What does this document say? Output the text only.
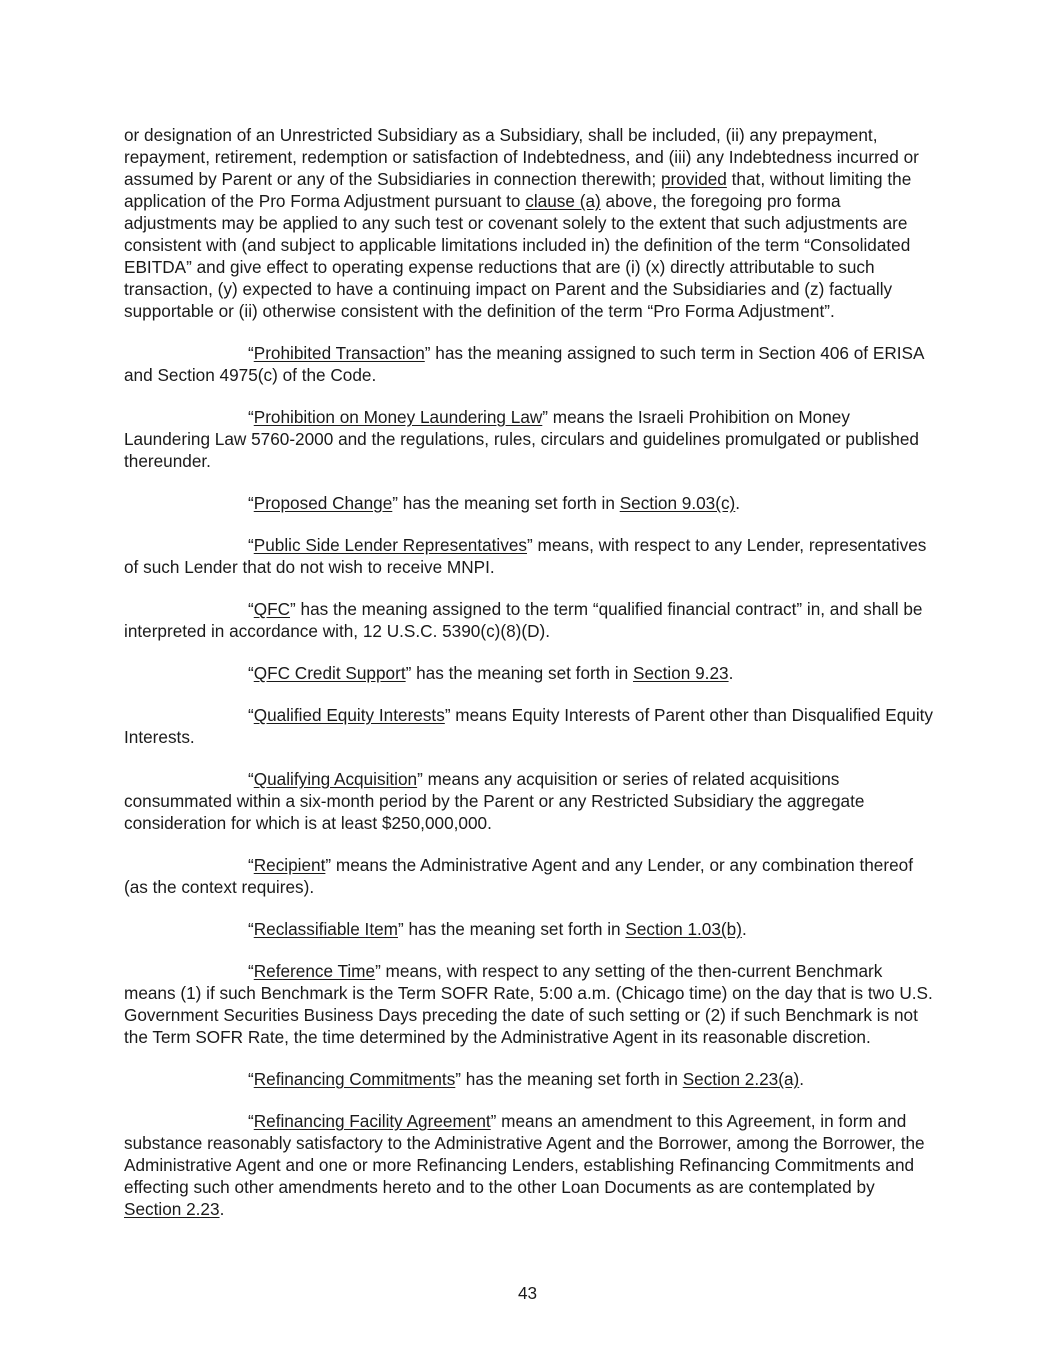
or designation of an Unrestricted Subsidiary as a Subsidiary, shall be included, (ii) any prepayment, repayment, retirement, redemption or satisfaction of Indebtedness, and (iii) any Indebtedness incurred or assumed by Parent or any of the Subsidiaries in connection therewith; provided that, without limiting the application of the Pro Forma Adjustment pursuant to clause (a) above, the foregoing pro forma adjustments may be applied to any such test or covenant solely to the extent that such adjustments are consistent with (and subject to applicable limitations included in) the definition of the term “Consolidated EBITDA” and give effect to operating expense reductions that are (i) (x) directly attributable to such transaction, (y) expected to have a continuing impact on Parent and the Subsidiaries and (z) factually supportable or (ii) otherwise consistent with the definition of the term “Pro Forma Adjustment”.

“Prohibited Transaction” has the meaning assigned to such term in Section 406 of ERISA and Section 4975(c) of the Code.

“Prohibition on Money Laundering Law” means the Israeli Prohibition on Money Laundering Law 5760-2000 and the regulations, rules, circulars and guidelines promulgated or published thereunder.

“Proposed Change” has the meaning set forth in Section 9.03(c).

“Public Side Lender Representatives” means, with respect to any Lender, representatives of such Lender that do not wish to receive MNPI.

“QFC” has the meaning assigned to the term “qualified financial contract” in, and shall be interpreted in accordance with, 12 U.S.C. 5390(c)(8)(D).

“QFC Credit Support” has the meaning set forth in Section 9.23.

“Qualified Equity Interests” means Equity Interests of Parent other than Disqualified Equity Interests.

“Qualifying Acquisition” means any acquisition or series of related acquisitions consummated within a six-month period by the Parent or any Restricted Subsidiary the aggregate consideration for which is at least $250,000,000.

“Recipient” means the Administrative Agent and any Lender, or any combination thereof (as the context requires).

“Reclassifiable Item” has the meaning set forth in Section 1.03(b).

“Reference Time” means, with respect to any setting of the then-current Benchmark means (1) if such Benchmark is the Term SOFR Rate, 5:00 a.m. (Chicago time) on the day that is two U.S. Government Securities Business Days preceding the date of such setting or (2) if such Benchmark is not the Term SOFR Rate, the time determined by the Administrative Agent in its reasonable discretion.

“Refinancing Commitments” has the meaning set forth in Section 2.23(a).

“Refinancing Facility Agreement” means an amendment to this Agreement, in form and substance reasonably satisfactory to the Administrative Agent and the Borrower, among the Borrower, the Administrative Agent and one or more Refinancing Lenders, establishing Refinancing Commitments and effecting such other amendments hereto and to the other Loan Documents as are contemplated by Section 2.23.

43
